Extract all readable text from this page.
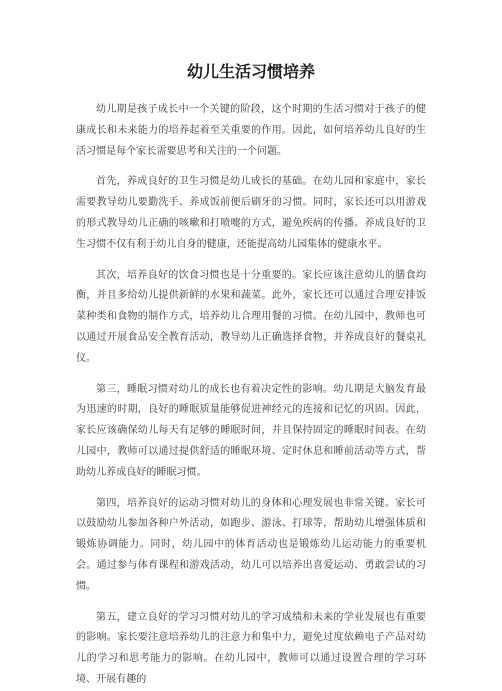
幼儿生活习惯培养

幼儿期是孩子成长中一个关键的阶段，这个时期的生活习惯对于孩子的健康成长和未来能力的培养起着至关重要的作用。因此，如何培养幼儿良好的生活习惯是每个家长需要思考和关注的一个问题。

首先，养成良好的卫生习惯是幼儿成长的基础。在幼儿园和家庭中，家长需要教导幼儿要勤洗手、养成饭前便后刷牙的习惯。同时，家长还可以用游戏的形式教导幼儿正确的咳嗽和打喷嚏的方式，避免疾病的传播。养成良好的卫生习惯不仅有利于幼儿自身的健康，还能提高幼儿园集体的健康水平。

其次，培养良好的饮食习惯也是十分重要的。家长应该注意幼儿的膳食均衡，并且多给幼儿提供新鲜的水果和蔬菜。此外，家长还可以通过合理安排饭菜种类和食物的制作方式，培养幼儿合理用餐的习惯。在幼儿园中，教师也可以通过开展食品安全教育活动，教导幼儿正确选择食物，并养成良好的餐桌礼仪。

第三，睡眠习惯对幼儿的成长也有着决定性的影响。幼儿期是大脑发育最为迅速的时期，良好的睡眠质量能够促进神经元的连接和记忆的巩固。因此，家长应该确保幼儿每天有足够的睡眠时间，并且保持固定的睡眠时间表。在幼儿园中，教师可以通过提供舒适的睡眠环境、定时休息和睡前活动等方式，帮助幼儿养成良好的睡眠习惯。

第四，培养良好的运动习惯对幼儿的身体和心理发展也非常关键。家长可以鼓励幼儿参加各种户外活动，如跑步、游泳、打球等，帮助幼儿增强体质和锻炼协调能力。同时，幼儿园中的体育活动也是锻炼幼儿运动能力的重要机会。通过参与体育课程和游戏活动，幼儿可以培养出喜爱运动、勇敢尝试的习惯。

第五，建立良好的学习习惯对幼儿的学习成绩和未来的学业发展也有重要的影响。家长要注意培养幼儿的注意力和集中力，避免过度依赖电子产品对幼儿的学习和思考能力的影响。在幼儿园中，教师可以通过设置合理的学习环境、开展有趣的
